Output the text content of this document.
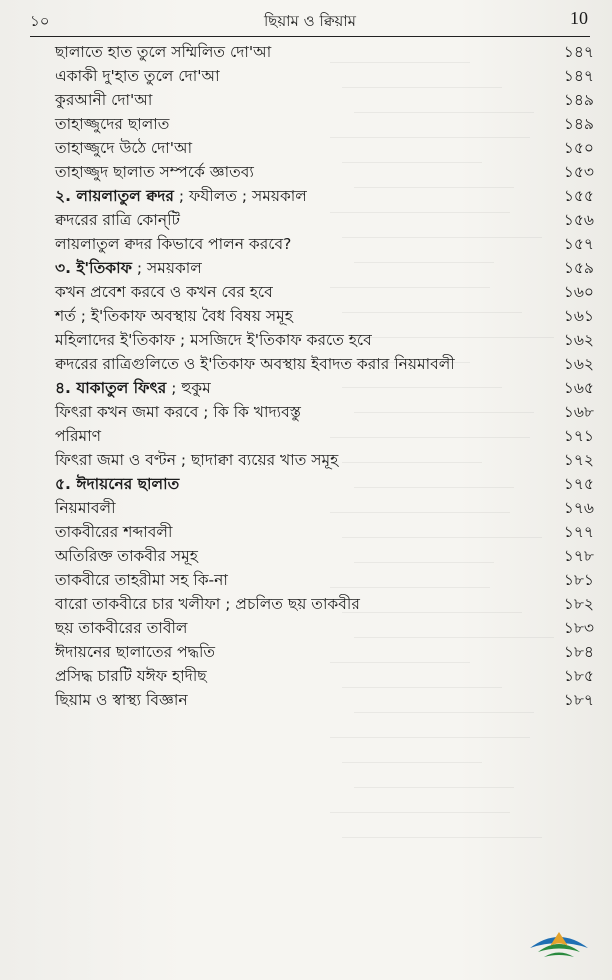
১০	ছিয়াম ও ক্বিয়াম	10
ছালাতে হাত তুলে সম্মিলিত দো'আ	১৪৭
একাকী দু'হাত তুলে দো'আ	১৪৭
কুরআনী দো'আ	১৪৯
তাহাজ্জুদের ছালাত	১৪৯
তাহাজ্জুদে উঠে দো'আ	১৫০
তাহাজ্জুদ ছালাত সম্পর্কে জ্ঞাতব্য	১৫৩
২. লায়লাতুল ক্বদর ; ফযীলত ; সময়কাল	১৫৫
ক্বদরের রাত্রি কোন্‌টি	১৫৬
লায়লাতুল ক্বদর কিভাবে পালন করবে?	১৫৭
৩. ই'তিকাফ ; সময়কাল	১৫৯
কখন প্রবেশ করবে ও কখন বের হবে	১৬০
শর্ত ; ই'তিকাফ অবস্থায় বৈধ বিষয় সমূহ	১৬১
মহিলাদের ই'তিকাফ ; মসজিদে ই'তিকাফ করতে হবে	১৬২
ক্বদরের রাত্রিগুলিতে ও ই'তিকাফ অবস্থায় ইবাদত করার নিয়মাবলী	১৬২
৪. যাকাতুল ফিৎর ; হুকুম	১৬৫
ফিৎরা কখন জমা করবে ; কি কি খাদ্যবস্তু	১৬৮
পরিমাণ	১৭১
ফিৎরা জমা ও বণ্টন ; ছাদাক্বা ব্যয়ের খাত সমূহ	১৭২
৫. ঈদায়নের ছালাত	১৭৫
নিয়মাবলী	১৭৬
তাকবীরের শব্দাবলী	১৭৭
অতিরিক্ত তাকবীর সমূহ	১৭৮
তাকবীরে তাহরীমা সহ কি-না	১৮১
বারো তাকবীরে চার খলীফা ; প্রচলিত ছয় তাকবীর	১৮২
ছয় তাকবীরের তাবীল	১৮৩
ঈদায়নের ছালাতের পদ্ধতি	১৮৪
প্রসিদ্ধ চারটি যঈফ হাদীছ	১৮৫
ছিয়াম ও স্বাস্থ্য বিজ্ঞান	১৮৭
